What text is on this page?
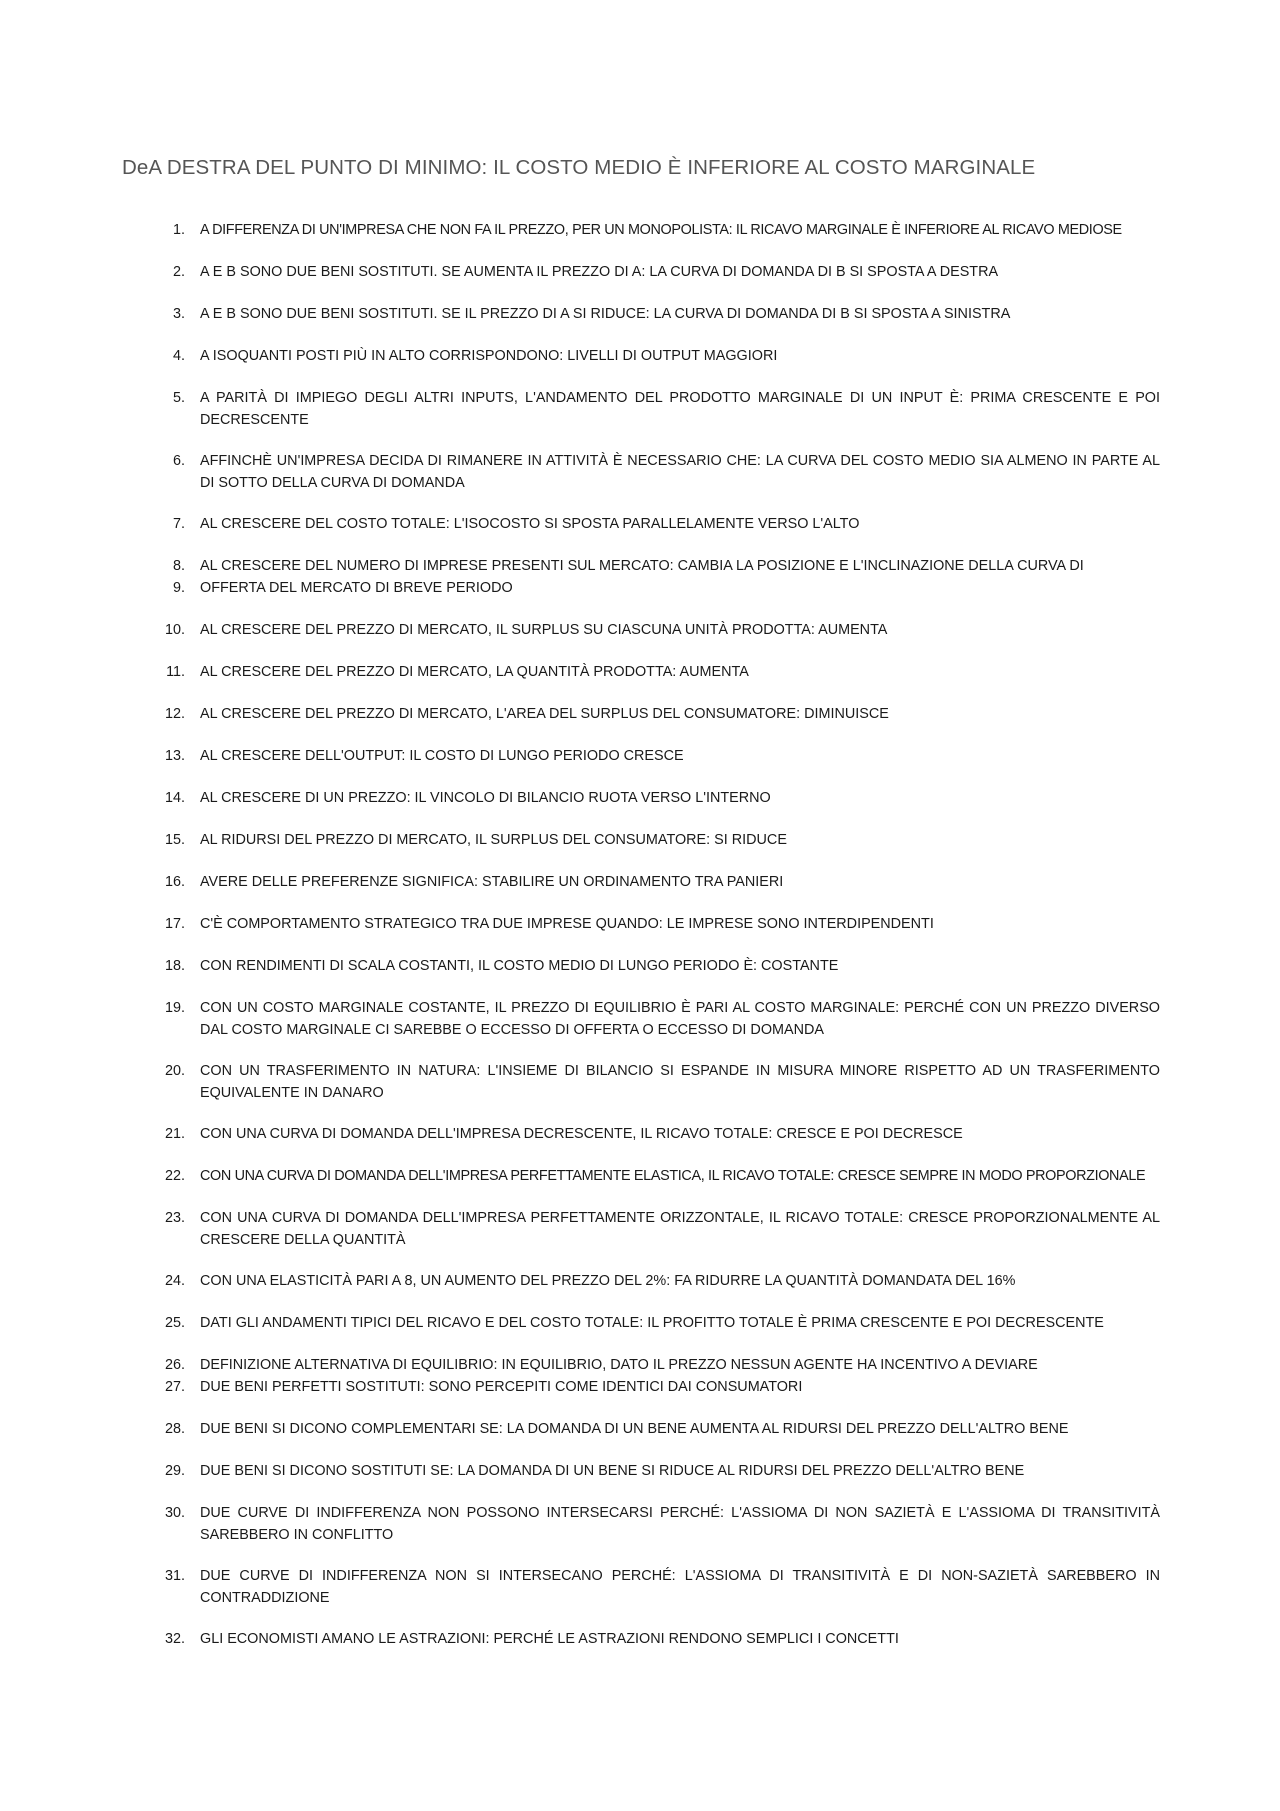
DeA DESTRA DEL PUNTO DI MINIMO: IL COSTO MEDIO È INFERIORE AL COSTO MARGINALE
1.	A DIFFERENZA DI UN'IMPRESA CHE NON FA IL PREZZO, PER UN MONOPOLISTA: IL RICAVO MARGINALE È INFERIORE AL RICAVO MEDIOSE
2.	A E B SONO DUE BENI SOSTITUTI. SE AUMENTA IL PREZZO DI A: LA CURVA DI DOMANDA DI B SI SPOSTA A DESTRA
3.	A E B SONO DUE BENI SOSTITUTI. SE IL PREZZO DI A SI RIDUCE: LA CURVA DI DOMANDA DI B SI SPOSTA A SINISTRA
4.	A ISOQUANTI POSTI PIÙ IN ALTO CORRISPONDONO: LIVELLI DI OUTPUT MAGGIORI
5.	A PARITÀ DI IMPIEGO DEGLI ALTRI INPUTS, L'ANDAMENTO DEL PRODOTTO MARGINALE DI UN INPUT È: PRIMA CRESCENTE E POI DECRESCENTE
6.	AFFINCHÈ UN'IMPRESA DECIDA DI RIMANERE IN ATTIVITÀ È NECESSARIO CHE: LA CURVA DEL COSTO MEDIO SIA ALMENO IN PARTE AL DI SOTTO DELLA CURVA DI DOMANDA
7.	AL CRESCERE DEL COSTO TOTALE: L'ISOCOSTO SI SPOSTA PARALLELAMENTE VERSO L'ALTO
8.	AL CRESCERE DEL NUMERO DI IMPRESE PRESENTI SUL MERCATO: CAMBIA LA POSIZIONE E L'INCLINAZIONE DELLA CURVA DI
9.	OFFERTA DEL MERCATO DI BREVE PERIODO
10.	AL CRESCERE DEL PREZZO DI MERCATO, IL SURPLUS SU CIASCUNA UNITÀ PRODOTTA: AUMENTA
11.	AL CRESCERE DEL PREZZO DI MERCATO, LA QUANTITÀ PRODOTTA: AUMENTA
12.	AL CRESCERE DEL PREZZO DI MERCATO, L'AREA DEL SURPLUS DEL CONSUMATORE: DIMINUISCE
13.	AL CRESCERE DELL'OUTPUT: IL COSTO DI LUNGO PERIODO CRESCE
14.	AL CRESCERE DI UN PREZZO: IL VINCOLO DI BILANCIO RUOTA VERSO L'INTERNO
15.	AL RIDURSI DEL PREZZO DI MERCATO, IL SURPLUS DEL CONSUMATORE: SI RIDUCE
16.	AVERE DELLE PREFERENZE SIGNIFICA: STABILIRE UN ORDINAMENTO TRA PANIERI
17.	C'È COMPORTAMENTO STRATEGICO TRA DUE IMPRESE QUANDO: LE IMPRESE SONO INTERDIPENDENTI
18.	CON RENDIMENTI DI SCALA COSTANTI, IL COSTO MEDIO DI LUNGO PERIODO È: COSTANTE
19.	CON UN COSTO MARGINALE COSTANTE, IL PREZZO DI EQUILIBRIO È PARI AL COSTO MARGINALE: PERCHÉ CON UN PREZZO DIVERSO DAL COSTO MARGINALE CI SAREBBE O ECCESSO DI OFFERTA O ECCESSO DI DOMANDA
20.	CON UN TRASFERIMENTO IN NATURA: L'INSIEME DI BILANCIO SI ESPANDE IN MISURA MINORE RISPETTO AD UN TRASFERIMENTO EQUIVALENTE IN DANARO
21.	CON UNA CURVA DI DOMANDA DELL'IMPRESA DECRESCENTE, IL RICAVO TOTALE: CRESCE E POI DECRESCE
22.	CON UNA CURVA DI DOMANDA DELL'IMPRESA PERFETTAMENTE ELASTICA, IL RICAVO TOTALE: CRESCE SEMPRE IN MODO PROPORZIONALE
23.	CON UNA CURVA DI DOMANDA DELL'IMPRESA PERFETTAMENTE ORIZZONTALE, IL RICAVO TOTALE: CRESCE PROPORZIONALMENTE AL CRESCERE DELLA QUANTITÀ
24.	CON UNA ELASTICITÀ PARI A 8, UN AUMENTO DEL PREZZO DEL 2%: FA RIDURRE LA QUANTITÀ DOMANDATA DEL 16%
25.	DATI GLI ANDAMENTI TIPICI DEL RICAVO E DEL COSTO TOTALE: IL PROFITTO TOTALE È PRIMA CRESCENTE E POI DECRESCENTE
26.	DEFINIZIONE ALTERNATIVA DI EQUILIBRIO: IN EQUILIBRIO, DATO IL PREZZO NESSUN AGENTE HA INCENTIVO A DEVIARE
27.	DUE BENI PERFETTI SOSTITUTI: SONO PERCEPITI COME IDENTICI DAI CONSUMATORI
28.	DUE BENI SI DICONO COMPLEMENTARI SE: LA DOMANDA DI UN BENE AUMENTA AL RIDURSI DEL PREZZO DELL'ALTRO BENE
29.	DUE BENI SI DICONO SOSTITUTI SE: LA DOMANDA DI UN BENE SI RIDUCE AL RIDURSI DEL PREZZO DELL'ALTRO BENE
30.	DUE CURVE DI INDIFFERENZA NON POSSONO INTERSECARSI PERCHÉ: L'ASSIOMA DI NON SAZIETÀ E L'ASSIOMA DI TRANSITIVITÀ SAREBBERO IN CONFLITTO
31.	DUE CURVE DI INDIFFERENZA NON SI INTERSECANO PERCHÉ: L'ASSIOMA DI TRANSITIVITÀ E DI NON-SAZIETÀ SAREBBERO IN CONTRADDIZIONE
32.	GLI ECONOMISTI AMANO LE ASTRAZIONI: PERCHÉ LE ASTRAZIONI RENDONO SEMPLICI I CONCETTI
